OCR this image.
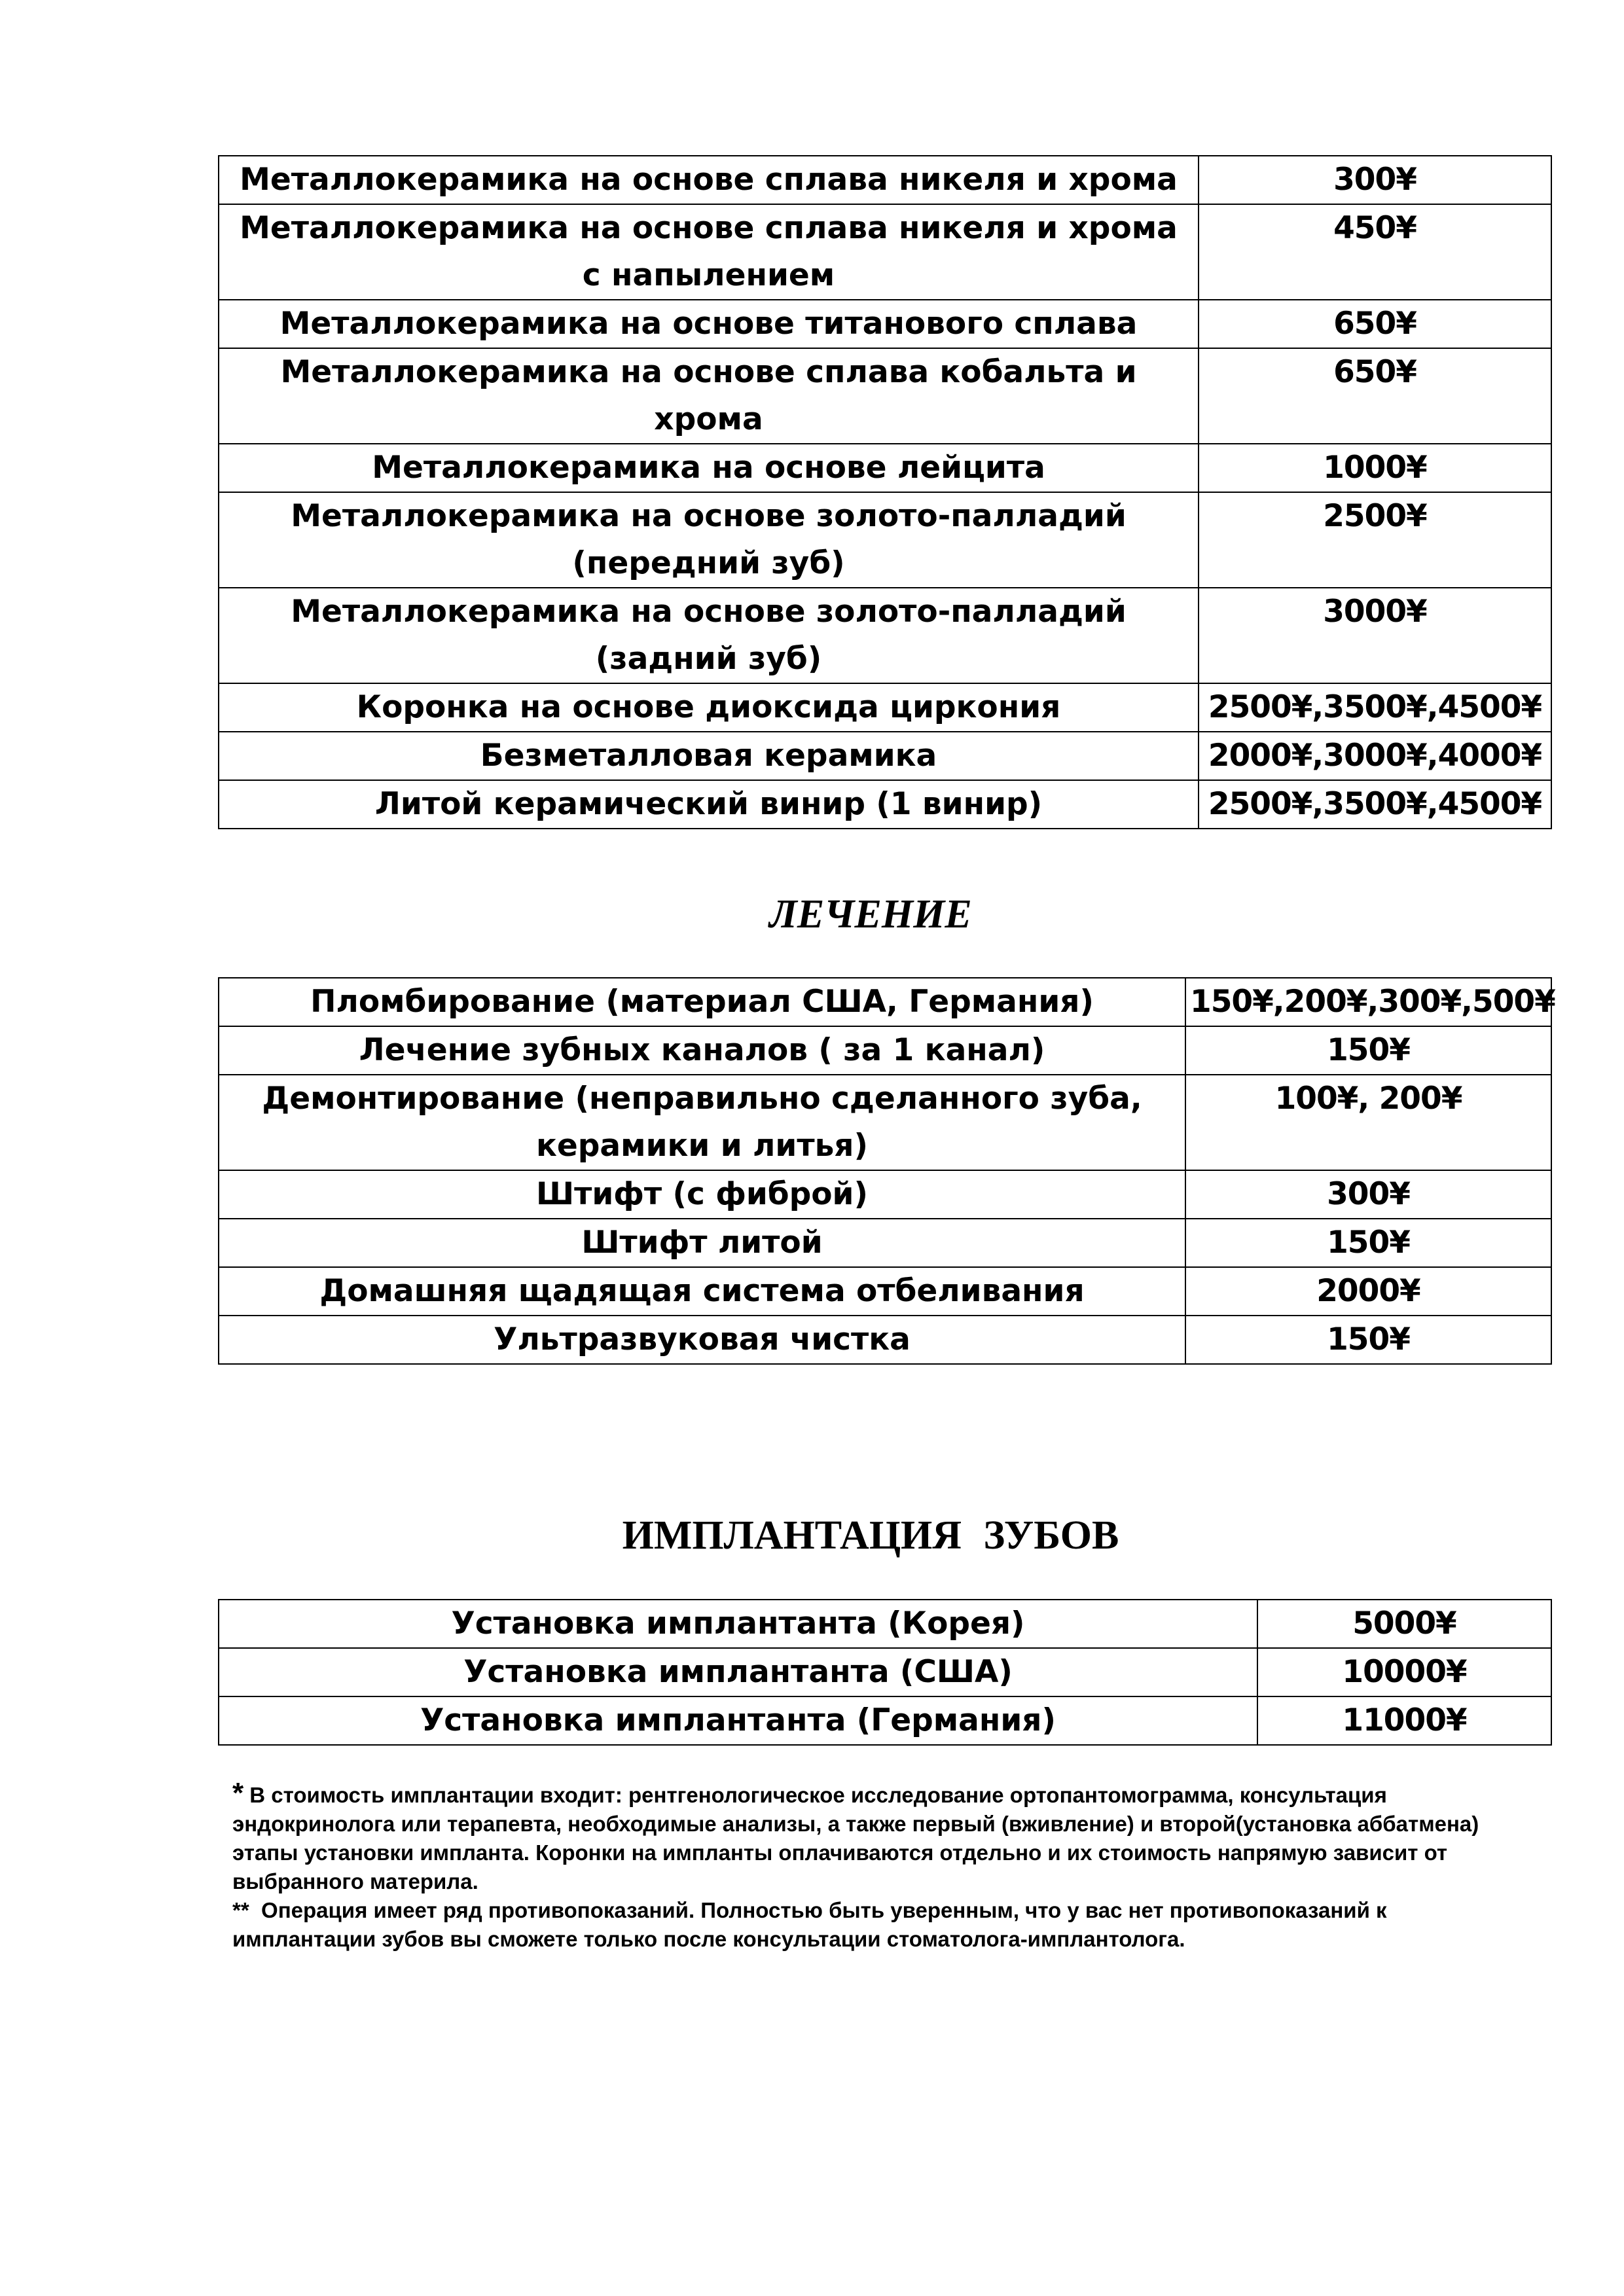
Металлокерамика на основе сплава никеля и хрома	300¥
Металлокерамика на основе сплава никеля и хрома с напылением	450¥
Металлокерамика на основе титанового сплава	650¥
Металлокерамика на основе сплава кобальта и хрома	650¥
Металлокерамика на основе лейцита	1000¥
Металлокерамика на основе золото-палладий (передний зуб)	2500¥
Металлокерамика на основе золото-палладий (задний зуб)	3000¥
Коронка на основе диоксида циркония	2500¥,3500¥,4500¥
Безметалловая керамика	2000¥,3000¥,4000¥
Литой керамический винир (1 винир)	2500¥,3500¥,4500¥
ЛЕЧЕНИЕ
Пломбирование (материал США, Германия)	150¥,200¥,300¥,500¥
Лечение зубных каналов ( за 1 канал)	150¥
Демонтирование (неправильно сделанного зуба, керамики и литья)	100¥, 200¥
Штифт (с фиброй)	300¥
Штифт литой	150¥
Домашняя щадящая система отбеливания	2000¥
Ультразвуковая чистка	150¥
ИМПЛАНТАЦИЯ ЗУБОВ
Установка имплантанта (Корея)	5000¥
Установка имплантанта (США)	10000¥
Установка имплантанта (Германия)	11000¥

* В стоимость имплантации входит: рентгенологическое исследование ортопантомограмма, консультация эндокринолога или терапевта, необходимые анализы, а также первый (вживление) и второй(установка аббатмена) этапы установки импланта. Коронки на импланты оплачиваются отдельно и их стоимость напрямую зависит от выбранного материла.

** Операция имеет ряд противопоказаний. Полностью быть уверенным, что у вас нет противопоказаний к имплантации зубов вы сможете только после консультации стоматолога-имплантолога.
